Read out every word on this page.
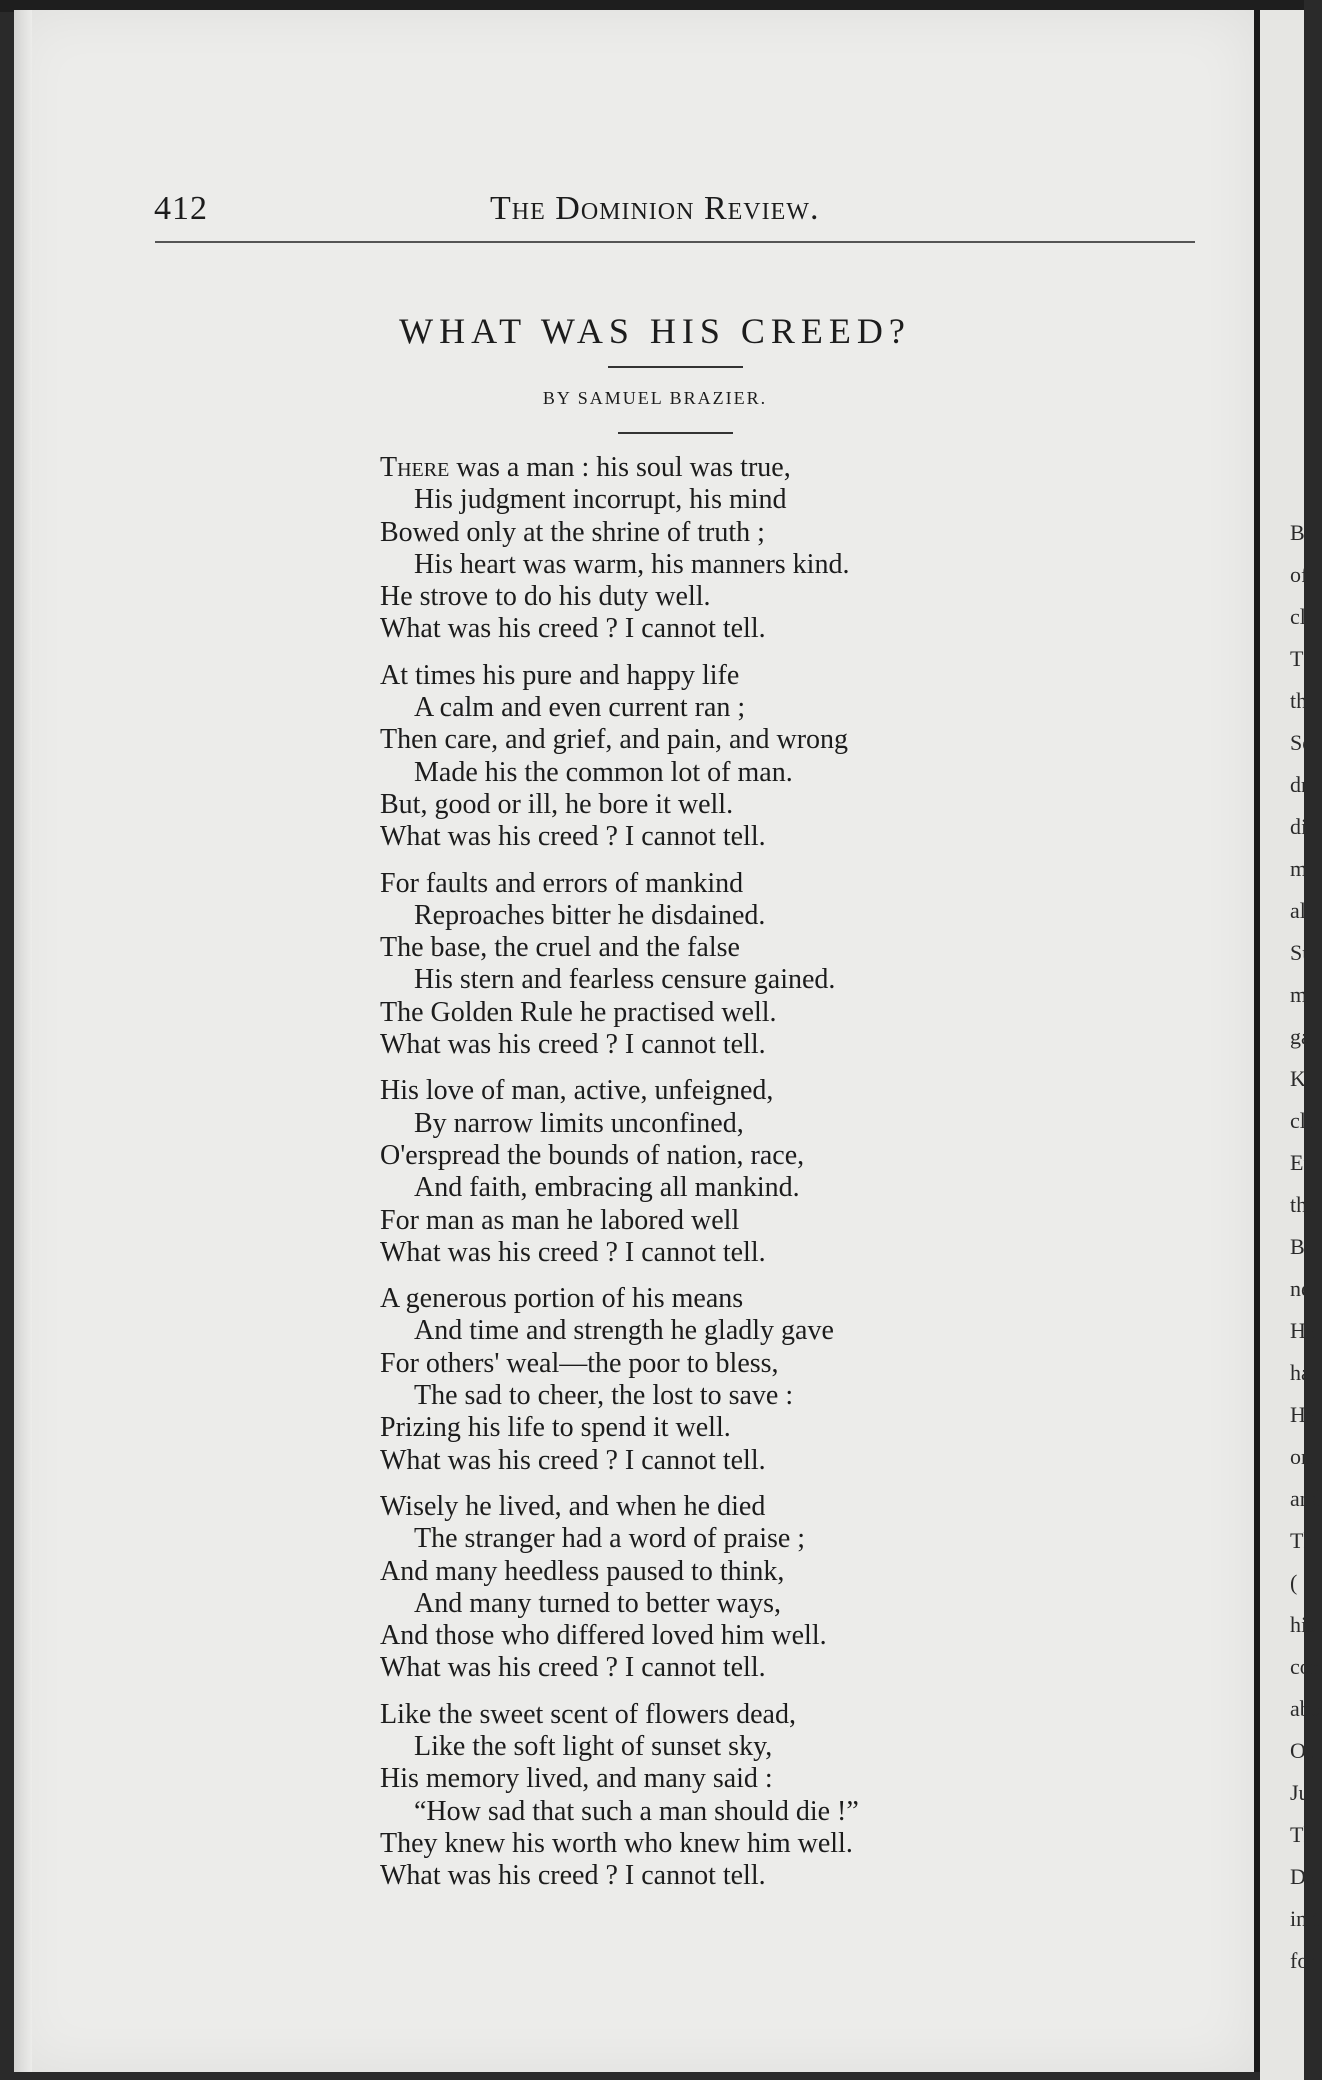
B
of
cl
T
th
Se
dr
di
m
al
Su
m
ga
Kl
cla
Eu
the
Ba
ne
He
ha
He
on
and
Th
(
his
cor
abo
Ou
Jul
Th
De
in t
for
412	The Dominion Review.
WHAT WAS HIS CREED?
BY SAMUEL BRAZIER.
There was a man : his soul was true,
His judgment incorrupt, his mind
Bowed only at the shrine of truth ;
His heart was warm, his manners kind.
He strove to do his duty well.
What was his creed ? I cannot tell.
At times his pure and happy life
A calm and even current ran ;
Then care, and grief, and pain, and wrong
Made his the common lot of man.
But, good or ill, he bore it well.
What was his creed ? I cannot tell.
For faults and errors of mankind
Reproaches bitter he disdained.
The base, the cruel and the false
His stern and fearless censure gained.
The Golden Rule he practised well.
What was his creed ? I cannot tell.
His love of man, active, unfeigned,
By narrow limits unconfined,
O'erspread the bounds of nation, race,
And faith, embracing all mankind.
For man as man he labored well
What was his creed ? I cannot tell.
A generous portion of his means
And time and strength he gladly gave
For others' weal—the poor to bless,
The sad to cheer, the lost to save :
Prizing his life to spend it well.
What was his creed ? I cannot tell.
Wisely he lived, and when he died
The stranger had a word of praise ;
And many heedless paused to think,
And many turned to better ways,
And those who differed loved him well.
What was his creed ? I cannot tell.
Like the sweet scent of flowers dead,
Like the soft light of sunset sky,
His memory lived, and many said :
“How sad that such a man should die !”
They knew his worth who knew him well.
What was his creed ? I cannot tell.
